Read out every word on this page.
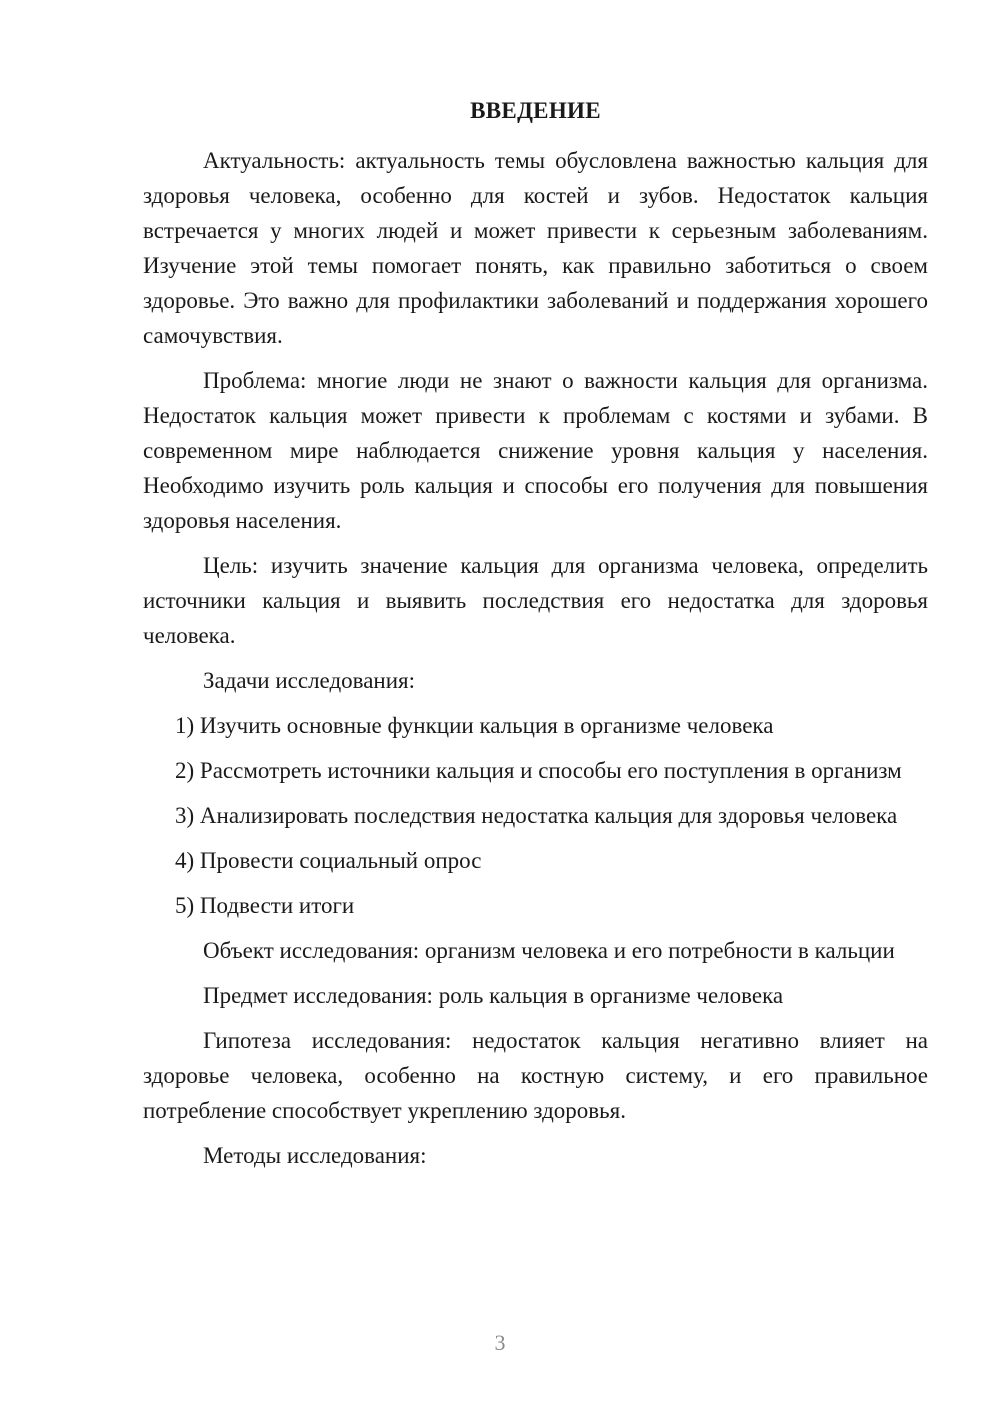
ВВЕДЕНИЕ

Актуальность: актуальность темы обусловлена важностью кальция для здоровья человека, особенно для костей и зубов. Недостаток кальция встречается у многих людей и может привести к серьезным заболеваниям. Изучение этой темы помогает понять, как правильно заботиться о своем здоровье. Это важно для профилактики заболеваний и поддержания хорошего самочувствия.

Проблема: многие люди не знают о важности кальция для организма. Недостаток кальция может привести к проблемам с костями и зубами. В современном мире наблюдается снижение уровня кальция у населения. Необходимо изучить роль кальция и способы его получения для повышения здоровья населения.

Цель: изучить значение кальция для организма человека, определить источники кальция и выявить последствия его недостатка для здоровья человека.

Задачи исследования:

1) Изучить основные функции кальция в организме человека

2) Рассмотреть источники кальция и способы его поступления в организм

3) Анализировать последствия недостатка кальция для здоровья человека

4) Провести социальный опрос

5) Подвести итоги

Объект исследования: организм человека и его потребности в кальции

Предмет исследования: роль кальция в организме человека

Гипотеза исследования: недостаток кальция негативно влияет на здоровье человека, особенно на костную систему, и его правильное потребление способствует укреплению здоровья.

Методы исследования:

3
